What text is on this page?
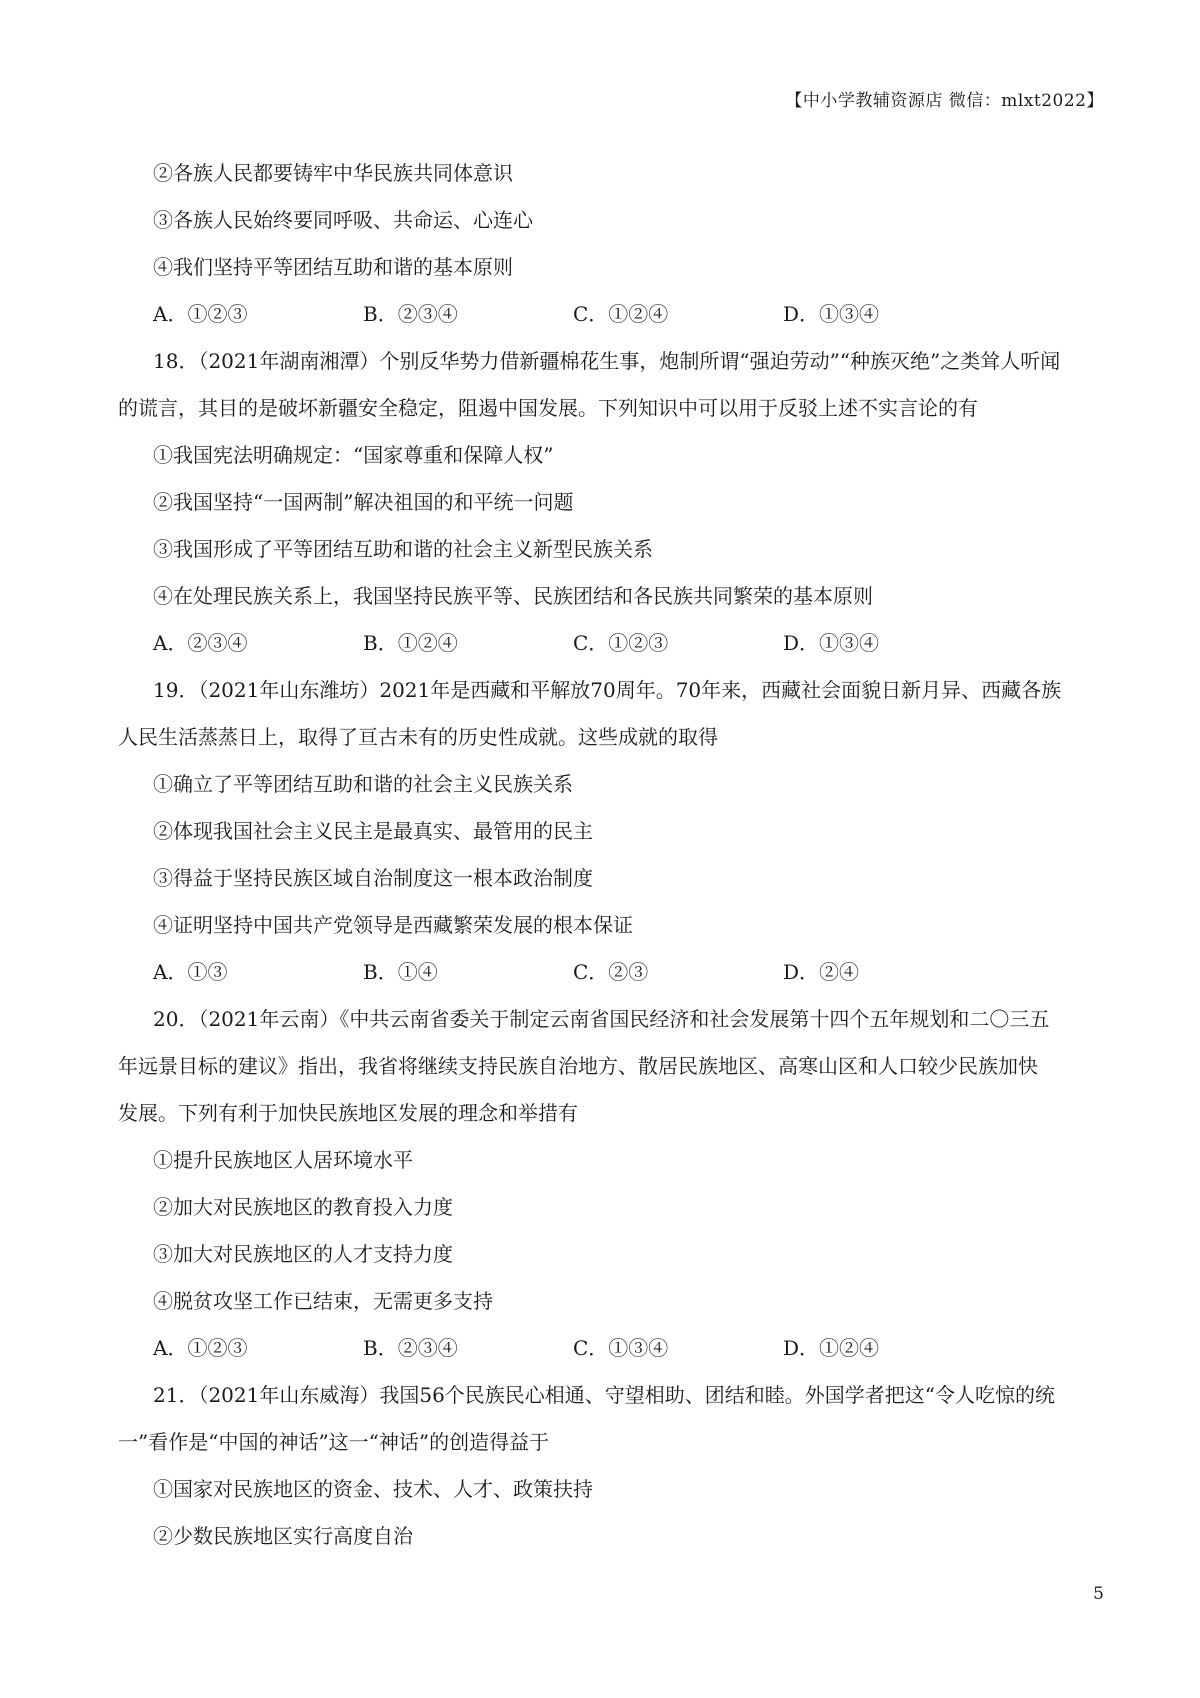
【中小学教辅资源店 微信：mlxt2022】
②各族人民都要铸牢中华民族共同体意识
③各族人民始终要同呼吸、共命运、心连心
④我们坚持平等团结互助和谐的基本原则
A．①②③	B．②③④	C．①②④	D．①③④
18．（2021年湖南湘潭）个别反华势力借新疆棉花生事，炮制所谓“强迫劳动”“种族灭绝”之类耸人听闻
的谎言，其目的是破坏新疆安全稳定，阻遏中国发展。下列知识中可以用于反驳上述不实言论的有
①我国宪法明确规定：“国家尊重和保障人权”
②我国坚持“一国两制”解决祖国的和平统一问题
③我国形成了平等团结互助和谐的社会主义新型民族关系
④在处理民族关系上，我国坚持民族平等、民族团结和各民族共同繁荣的基本原则
A．②③④	B．①②④	C．①②③	D．①③④
19．（2021年山东潍坊）2021年是西藏和平解放70周年。70年来，西藏社会面貌日新月异、西藏各族
人民生活蒸蒸日上，取得了亘古未有的历史性成就。这些成就的取得
①确立了平等团结互助和谐的社会主义民族关系
②体现我国社会主义民主是最真实、最管用的民主
③得益于坚持民族区域自治制度这一根本政治制度
④证明坚持中国共产党领导是西藏繁荣发展的根本保证
A．①③	B．①④	C．②③	D．②④
20．（2021年云南）《中共云南省委关于制定云南省国民经济和社会发展第十四个五年规划和二〇三五
年远景目标的建议》指出，我省将继续支持民族自治地方、散居民族地区、高寒山区和人口较少民族加快
发展。下列有利于加快民族地区发展的理念和举措有
①提升民族地区人居环境水平
②加大对民族地区的教育投入力度
③加大对民族地区的人才支持力度
④脱贫攻坚工作已结束，无需更多支持
A．①②③	B．②③④	C．①③④	D．①②④
21．（2021年山东威海）我国56个民族民心相通、守望相助、团结和睦。外国学者把这“令人吃惊的统
一”看作是“中国的神话”这一“神话”的创造得益于
①国家对民族地区的资金、技术、人才、政策扶持
②少数民族地区实行高度自治
5
